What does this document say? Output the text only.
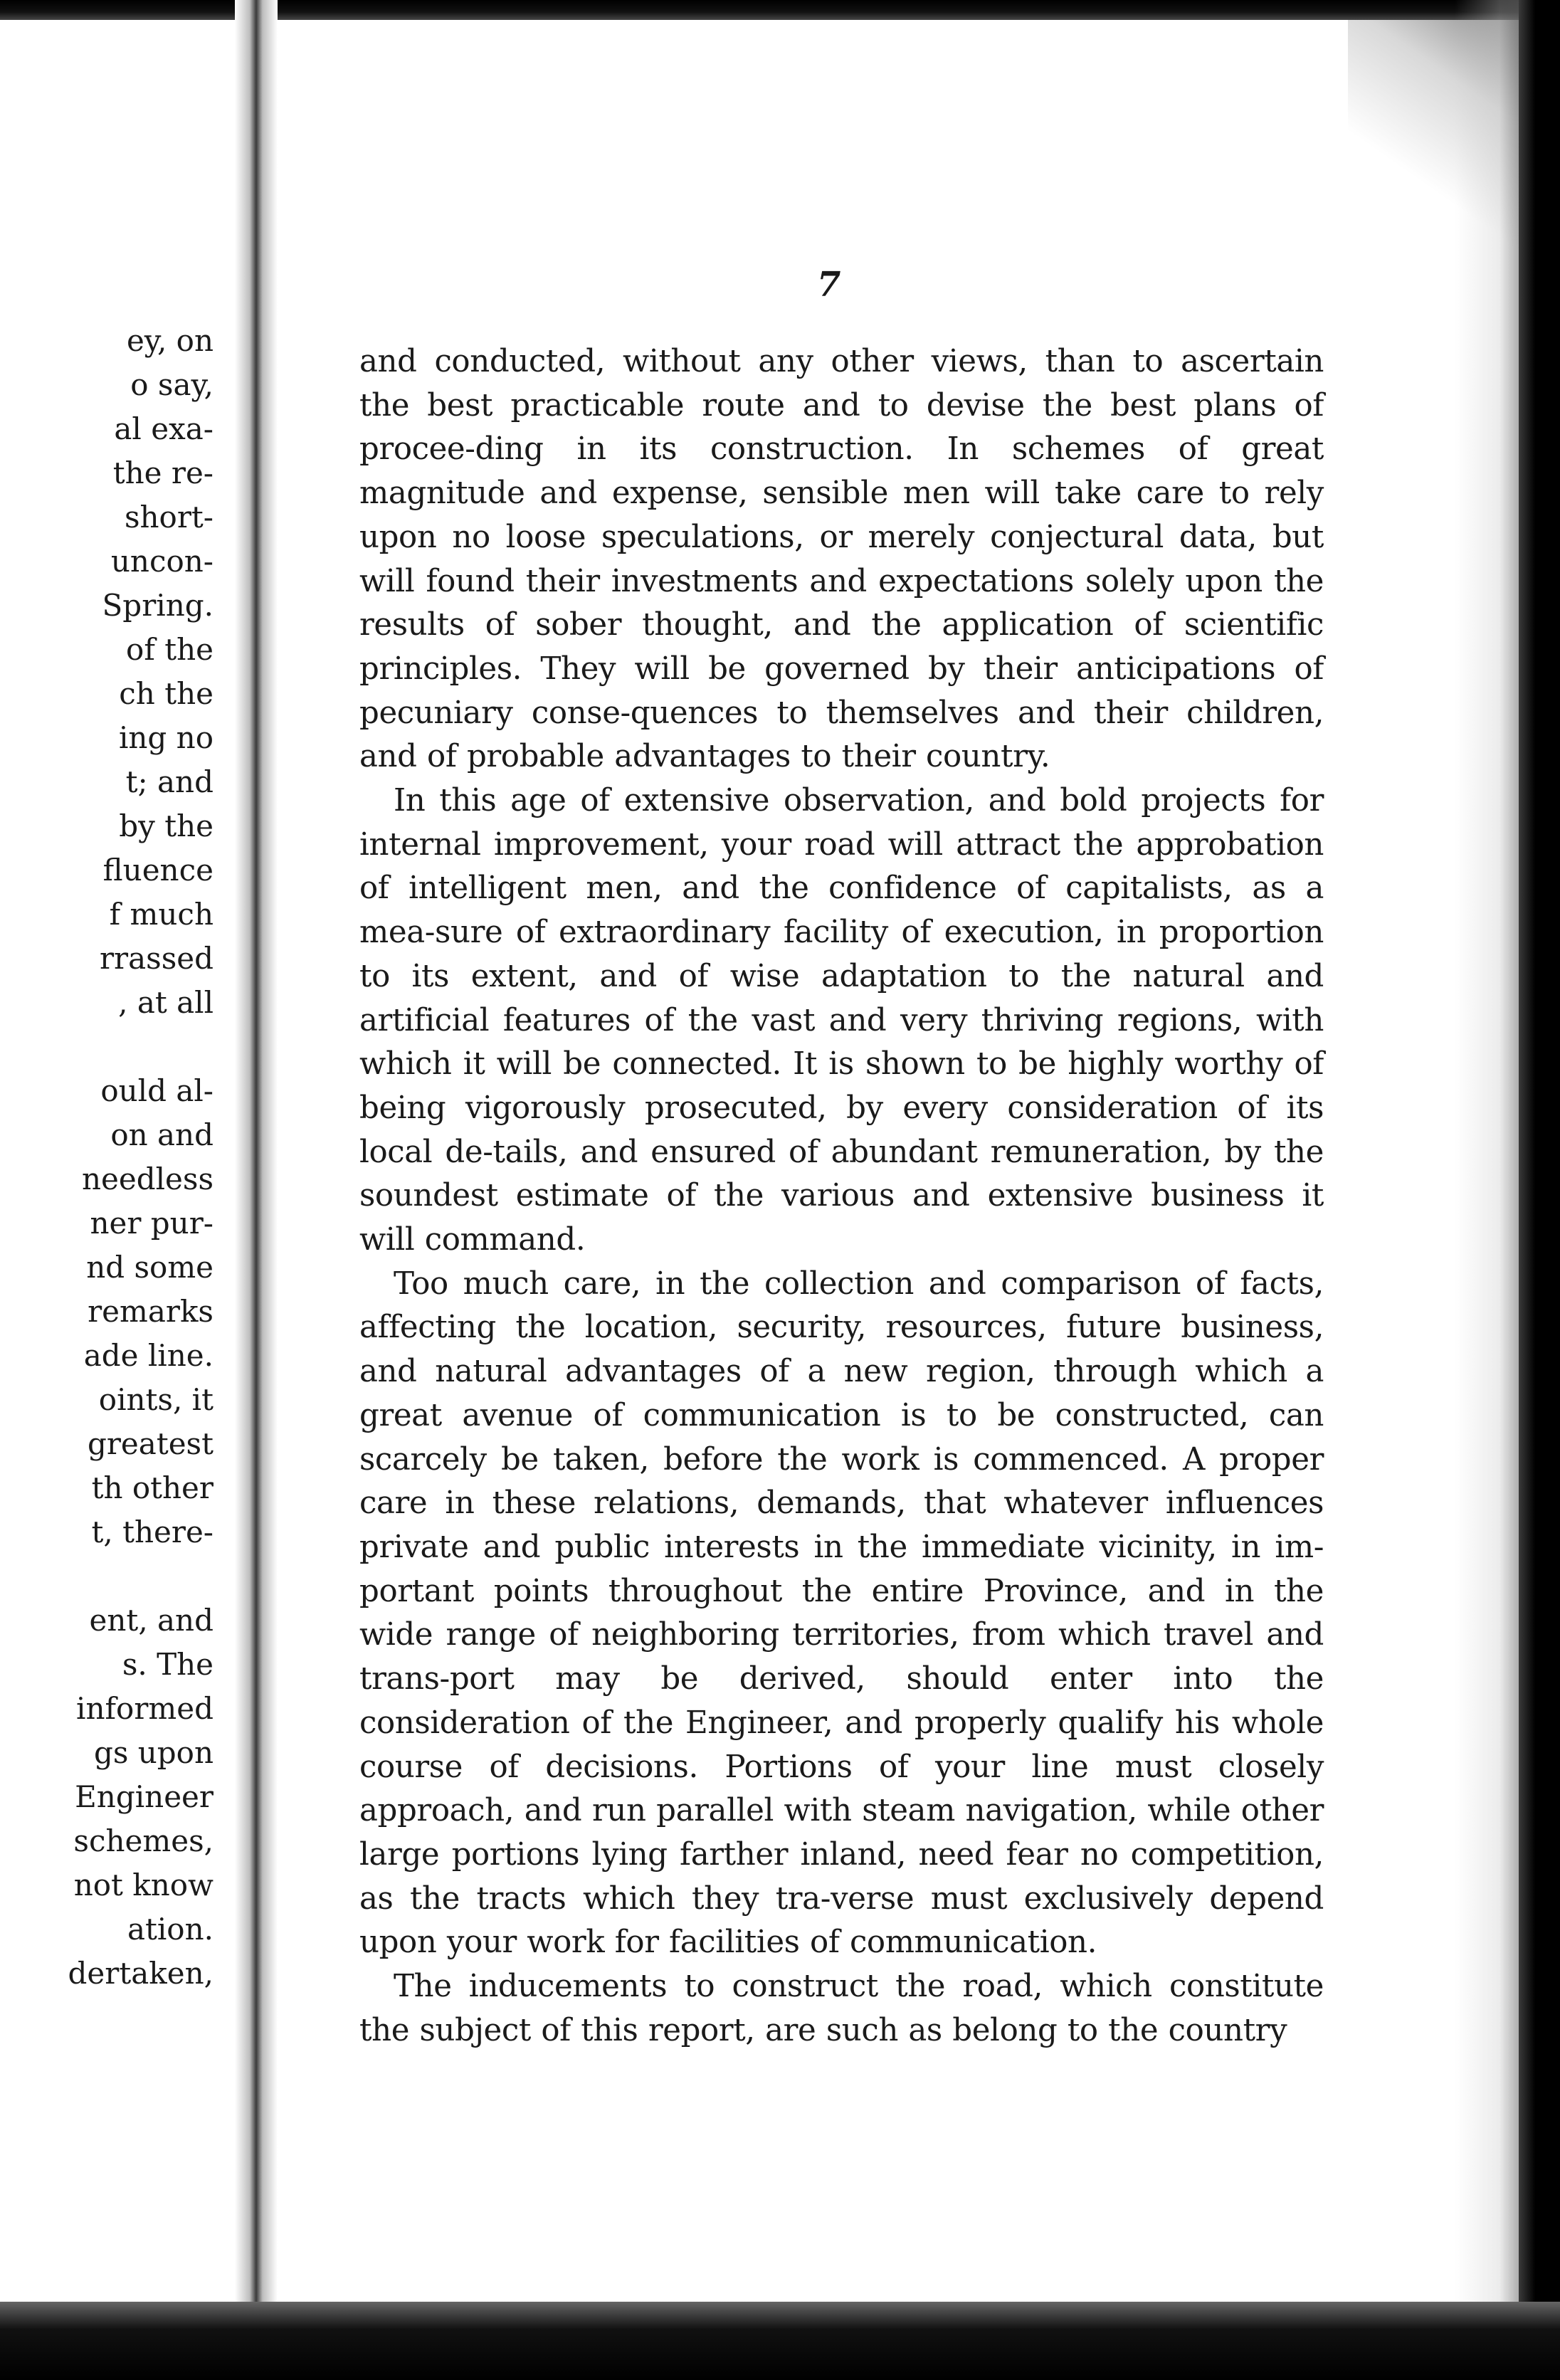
ey, on
o say,
al exa-
the re-
short-
uncon-
Spring.
of the
ch the
ing no
t; and
by the
fluence
f much
rrassed
, at all
ould al-
on and
needless
ner pur-
nd some
remarks
ade line.
oints, it
greatest
th other
t, there-
ent, and
s. The
informed
gs upon
Engineer
schemes,
not know
ation.
dertaken,
7

and conducted, without any other views, than to ascertain the best practicable route and to devise the best plans of procee-ding in its construction. In schemes of great magnitude and expense, sensible men will take care to rely upon no loose speculations, or merely conjectural data, but will found their investments and expectations solely upon the results of sober thought, and the application of scientific principles. They will be governed by their anticipations of pecuniary conse-quences to themselves and their children, and of probable advantages to their country.

In this age of extensive observation, and bold projects for internal improvement, your road will attract the approbation of intelligent men, and the confidence of capitalists, as a mea-sure of extraordinary facility of execution, in proportion to its extent, and of wise adaptation to the natural and artificial features of the vast and very thriving regions, with which it will be connected. It is shown to be highly worthy of being vigorously prosecuted, by every consideration of its local de-tails, and ensured of abundant remuneration, by the soundest estimate of the various and extensive business it will command.

Too much care, in the collection and comparison of facts, affecting the location, security, resources, future business, and natural advantages of a new region, through which a great avenue of communication is to be constructed, can scarcely be taken, before the work is commenced. A proper care in these relations, demands, that whatever influences private and public interests in the immediate vicinity, in im-portant points throughout the entire Province, and in the wide range of neighboring territories, from which travel and trans-port may be derived, should enter into the consideration of the Engineer, and properly qualify his whole course of decisions. Portions of your line must closely approach, and run parallel with steam navigation, while other large portions lying farther inland, need fear no competition, as the tracts which they tra-verse must exclusively depend upon your work for facilities of communication.

The inducements to construct the road, which constitute the subject of this report, are such as belong to the country
